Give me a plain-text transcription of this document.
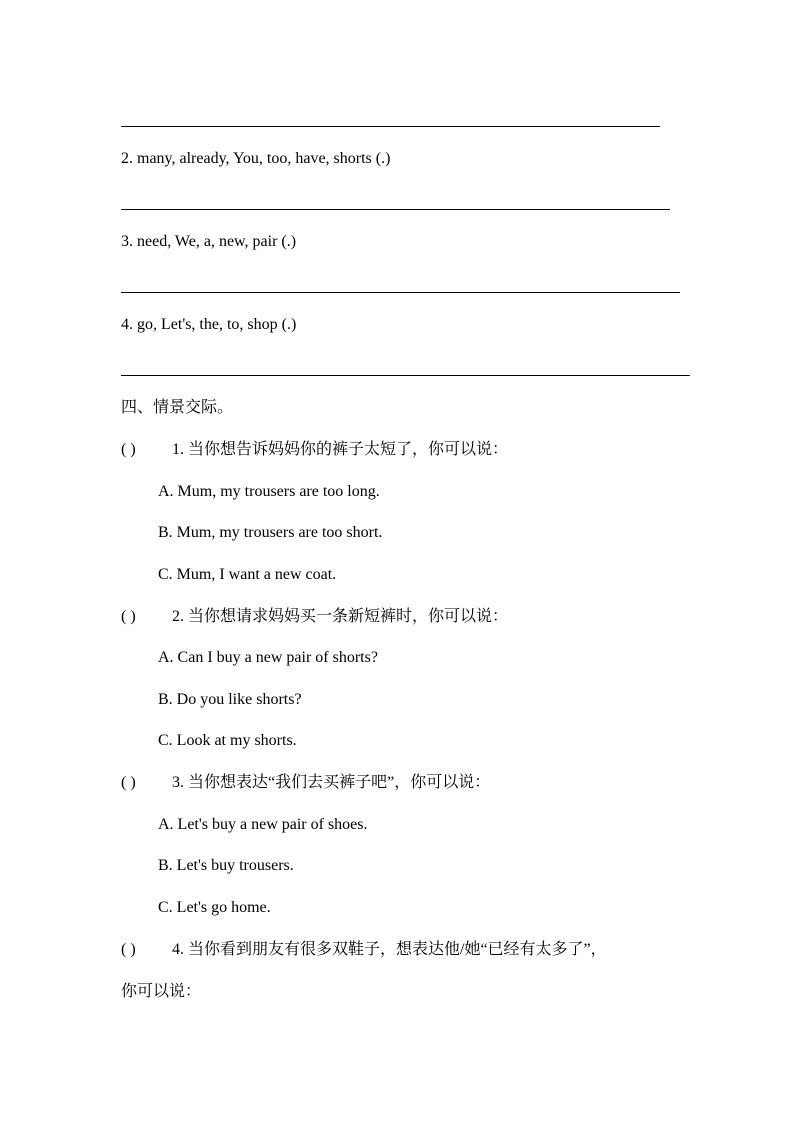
2. many, already, You, too, have, shorts (.)
3. need, We, a, new, pair (.)
4. go, Let's, the, to, shop (.)
四、情景交际。
( ) 1. 当你想告诉妈妈你的裤子太短了，你可以说：
A. Mum, my trousers are too long.
B. Mum, my trousers are too short.
C. Mum, I want a new coat.
( ) 2. 当你想请求妈妈买一条新短裤时，你可以说：
A. Can I buy a new pair of shorts?
B. Do you like shorts?
C. Look at my shorts.
( ) 3. 当你想表达“我们去买裤子吧”，你可以说：
A. Let's buy a new pair of shoes.
B. Let's buy trousers.
C. Let's go home.
( ) 4. 当你看到朋友有很多双鞋子，想表达他/她“已经有太多了”，
你可以说：
